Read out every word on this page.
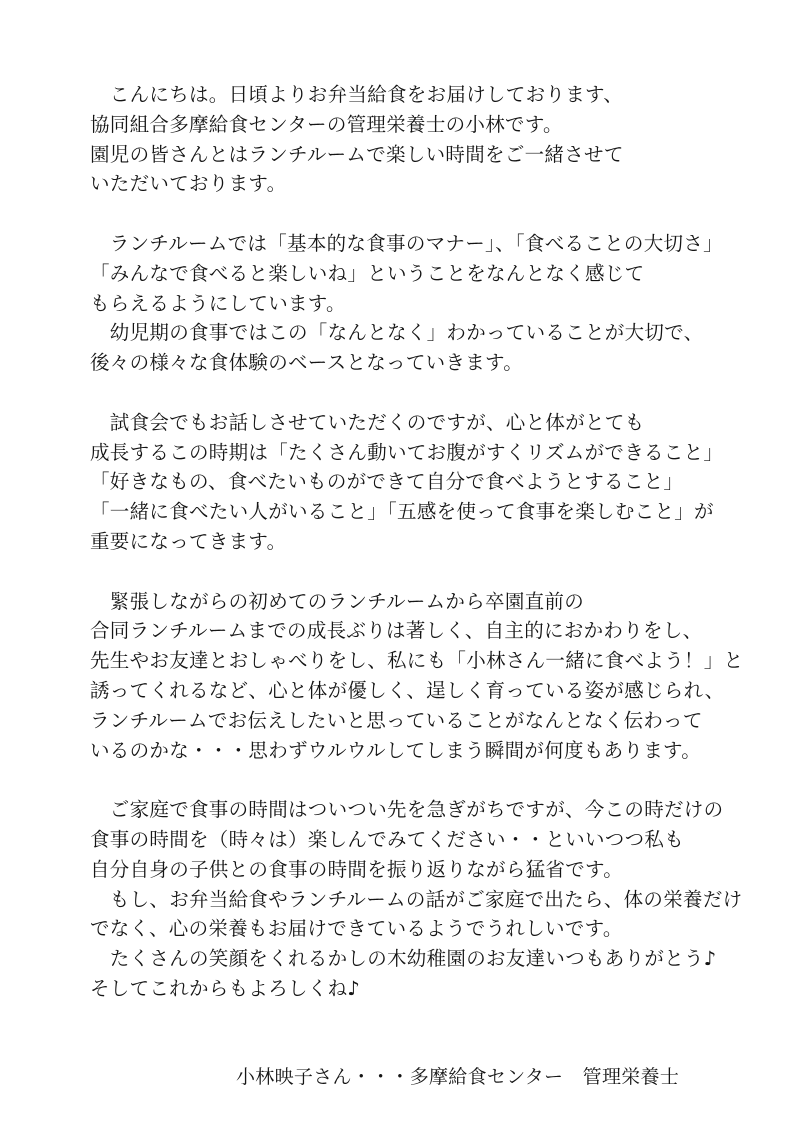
　こんにちは。日頃よりお弁当給食をお届けしております、
協同組合多摩給食センターの管理栄養士の小林です。
園児の皆さんとはランチルームで楽しい時間をご一緒させて
いただいております。
　ランチルームでは「基本的な食事のマナー」、「食べることの大切さ」
「みんなで食べると楽しいね」ということをなんとなく感じて
もらえるようにしています。
　幼児期の食事ではこの「なんとなく」わかっていることが大切で、
後々の様々な食体験のベースとなっていきます。
　試食会でもお話しさせていただくのですが、心と体がとても
成長するこの時期は「たくさん動いてお腹がすくリズムができること」
「好きなもの、食べたいものができて自分で食べようとすること」
「一緒に食べたい人がいること」「五感を使って食事を楽しむこと」が
重要になってきます。
　緊張しながらの初めてのランチルームから卒園直前の
合同ランチルームまでの成長ぶりは著しく、自主的におかわりをし、
先生やお友達とおしゃべりをし、私にも「小林さん一緒に食べよう！」と
誘ってくれるなど、心と体が優しく、逞しく育っている姿が感じられ、
ランチルームでお伝えしたいと思っていることがなんとなく伝わって
いるのかな・・・思わずウルウルしてしまう瞬間が何度もあります。
　ご家庭で食事の時間はついつい先を急ぎがちですが、今この時だけの
食事の時間を（時々は）楽しんでみてください・・といいつつ私も
自分自身の子供との食事の時間を振り返りながら猛省です。
　もし、お弁当給食やランチルームの話がご家庭で出たら、体の栄養だけ
でなく、心の栄養もお届けできているようでうれしいです。
　たくさんの笑顔をくれるかしの木幼稚園のお友達いつもありがとう♪
そしてこれからもよろしくね♪
小林映子さん・・・多摩給食センター　管理栄養士
